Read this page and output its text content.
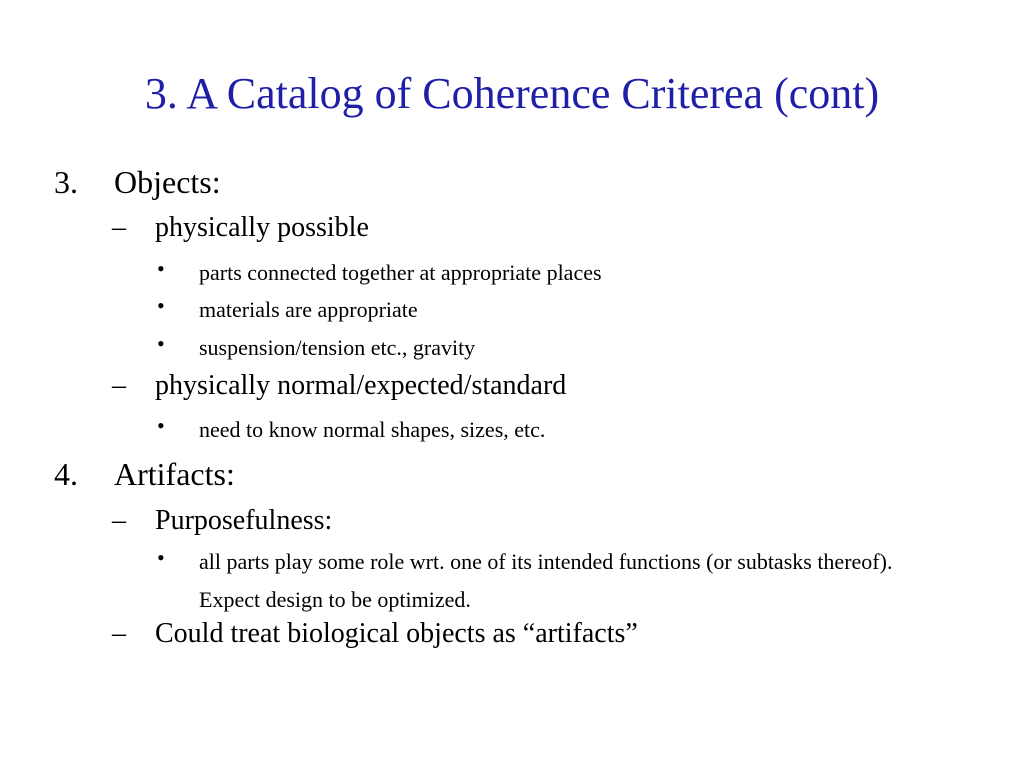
3. A Catalog of Coherence Criterea (cont)
3. Objects:
– physically possible
• parts connected together at appropriate places
• materials are appropriate
• suspension/tension etc., gravity
– physically normal/expected/standard
• need to know normal shapes, sizes, etc.
4. Artifacts:
– Purposefulness:
• all parts play some role wrt. one of its intended functions (or subtasks thereof). Expect design to be optimized.
– Could treat biological objects as “artifacts”
